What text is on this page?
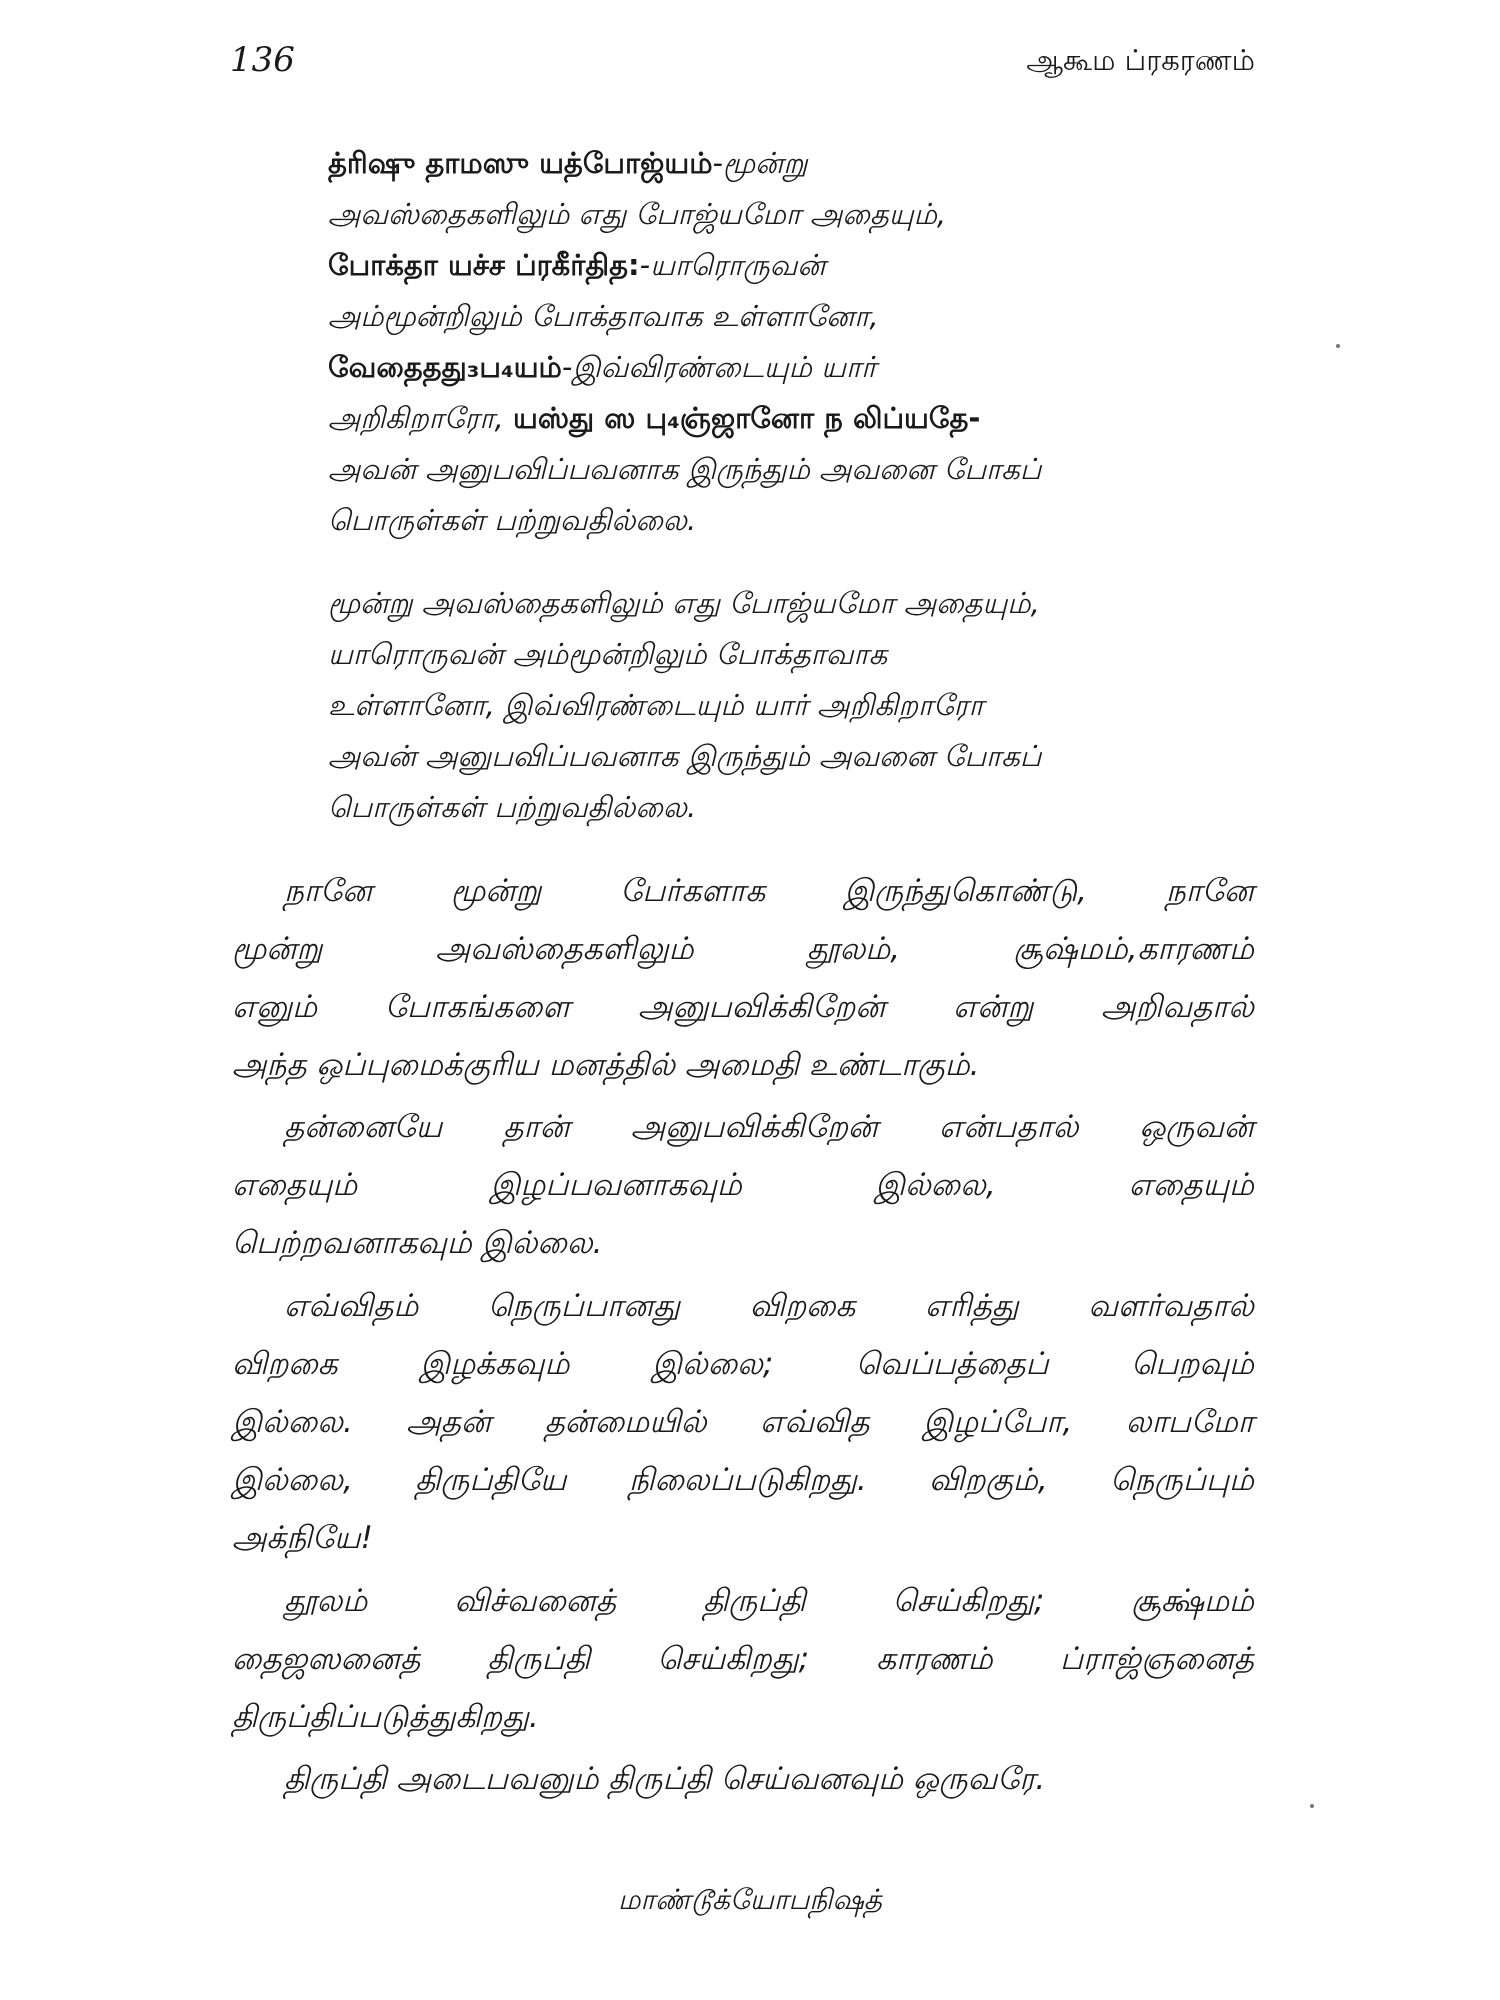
136	ஆகூம ப்ரகரணம்
த்ரிஷு தாமஸு யத்போஜ்யம்-மூன்று
அவஸ்தைகளிலும் எது போஜ்யமோ அதையும்,
போக்தா யச்ச ப்ரகீர்தித:-யாரொருவன்
அம்மூன்றிலும் போக்தாவாக உள்ளானோ,
வேதைதது₃ப₄யம்-இவ்விரண்டையும் யார்
அறிகிறாரோ, யஸ்து ஸ பு₄ஞ்ஜானோ ந லிப்யதே-
அவன் அனுபவிப்பவனாக இருந்தும் அவனை போகப்
பொருள்கள் பற்றுவதில்லை.
மூன்று அவஸ்தைகளிலும் எது போஜ்யமோ அதையும்,
யாரொருவன் அம்மூன்றிலும் போக்தாவாக
உள்ளானோ, இவ்விரண்டையும் யார் அறிகிறாரோ
அவன் அனுபவிப்பவனாக இருந்தும் அவனை போகப்
பொருள்கள் பற்றுவதில்லை.
நானே மூன்று பேர்களாக இருந்துகொண்டு, நானே
மூன்று அவஸ்தைகளிலும் தூலம், சூஷ்மம்,காரணம்
எனும் போகங்களை அனுபவிக்கிறேன் என்று அறிவதால்
அந்த ஒப்புமைக்குரிய மனத்தில் அமைதி உண்டாகும்.
தன்னையே தான் அனுபவிக்கிறேன் என்பதால் ஒருவன்
எதையும் இழப்பவனாகவும் இல்லை, எதையும்
பெற்றவனாகவும் இல்லை.
எவ்விதம் நெருப்பானது விறகை எரித்து வளர்வதால்
விறகை இழக்கவும் இல்லை; வெப்பத்தைப் பெறவும்
இல்லை. அதன் தன்மையில் எவ்வித இழப்போ, லாபமோ
இல்லை, திருப்தியே நிலைப்படுகிறது. விறகும், நெருப்பும்
அக்நியே!
தூலம் விச்வனைத் திருப்தி செய்கிறது; சூக்ஷ்மம்
தைஜஸனைத் திருப்தி செய்கிறது; காரணம் ப்ராஜ்ஞனைத்
திருப்திப்படுத்துகிறது.
திருப்தி அடைபவனும் திருப்தி செய்வனவும் ஒருவரே.
மாண்டூக்யோபநிஷத்
